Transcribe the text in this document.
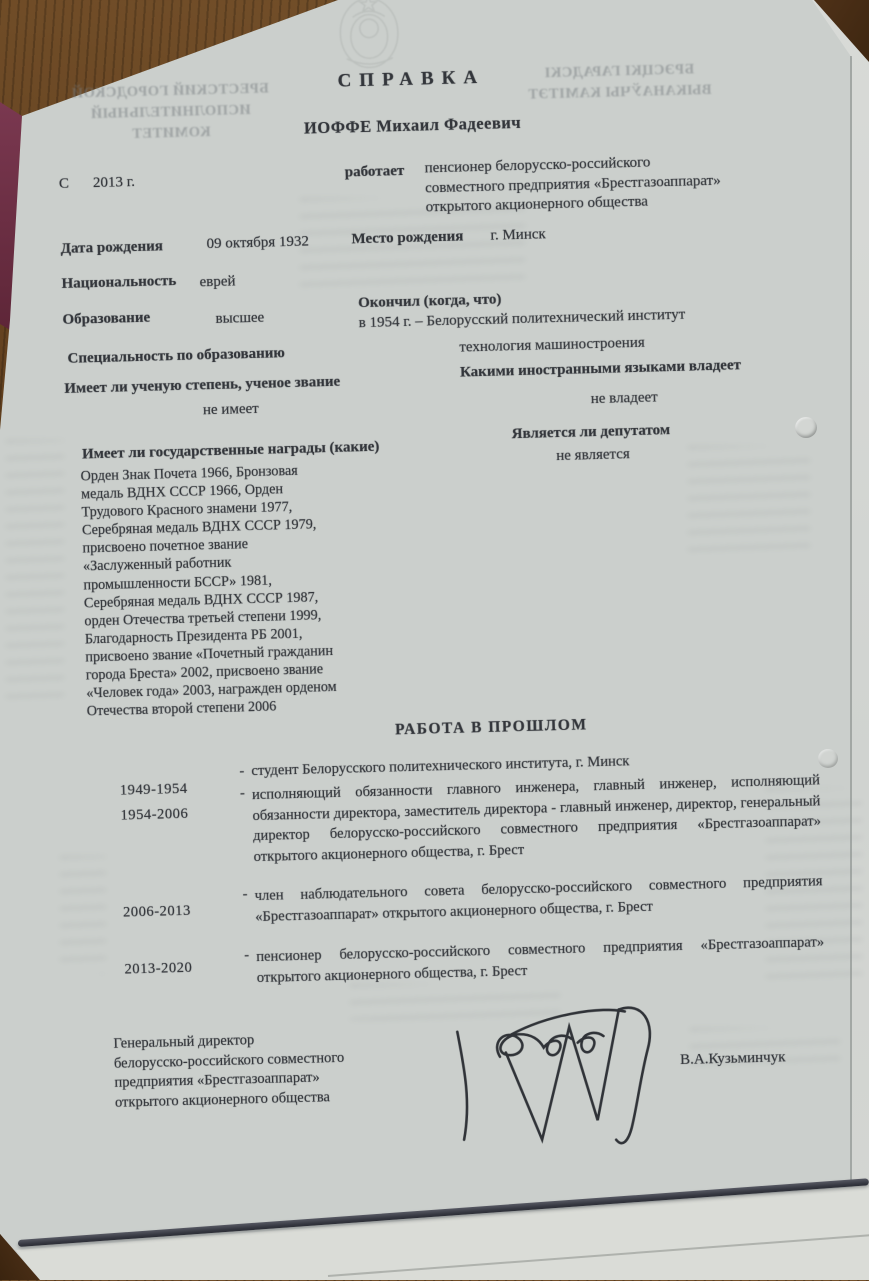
БРЕСТСКИЙ ГОРОДСКОЙ
ИСПОЛНИТЕЛЬНЫЙ КОМИТЕТ
БРЭСЦКІ ГАРАДСКІ
ВЫКАНАЎЧЫ КАМІТЭТ
СПРАВКА
ИОФФЕ Михаил Фадеевич
С 2013 г.
работает пенсионер белорусско-российского
совместного предприятия «Брестгазоаппарат»
открытого акционерного общества
Дата рождения	09 октября 1932	Место рождения г. Минск
Национальность еврей
Образование	высшее
Окончил (когда, что)
в 1954 г. – Белорусский политехнический институт
Специальность по образованию	технология машиностроения
Имеет ли ученую степень, ученое звание
не имеет
Какими иностранными языками владеет
не владеет
Является ли депутатом
не является
Имеет ли государственные награды (какие)
Орден Знак Почета 1966, Бронзовая
медаль ВДНХ СССР 1966, Орден
Трудового Красного знамени 1977,
Серебряная медаль ВДНХ СССР 1979,
присвоено почетное звание
«Заслуженный работник
промышленности БССР» 1981,
Серебряная медаль ВДНХ СССР 1987,
орден Отечества третьей степени 1999,
Благодарность Президента РБ 2001,
присвоено звание «Почетный гражданин
города Бреста» 2002, присвоено звание
«Человек года» 2003, награжден орденом
Отечества второй степени 2006
РАБОТА В ПРОШЛОМ
1949-1954
- студент Белорусского политехнического института, г. Минск
1954-2006
- исполняющий обязанности главного инженера, главный инженер, исполняющий обязанности директора, заместитель директора - главный инженер, директор, генеральный директор белорусско-российского совместного предприятия «Брестгазоаппарат» открытого акционерного общества, г. Брест
2006-2013
- член наблюдательного совета белорусско-российского совместного предприятия «Брестгазоаппарат» открытого акционерного общества, г. Брест
2013-2020
- пенсионер белорусско-российского совместного предприятия «Брестгазоаппарат» открытого акционерного общества, г. Брест
Генеральный директор
белорусско-российского совместного
предприятия «Брестгазоаппарат»
открытого акционерного общества
В.А.Кузьминчук
